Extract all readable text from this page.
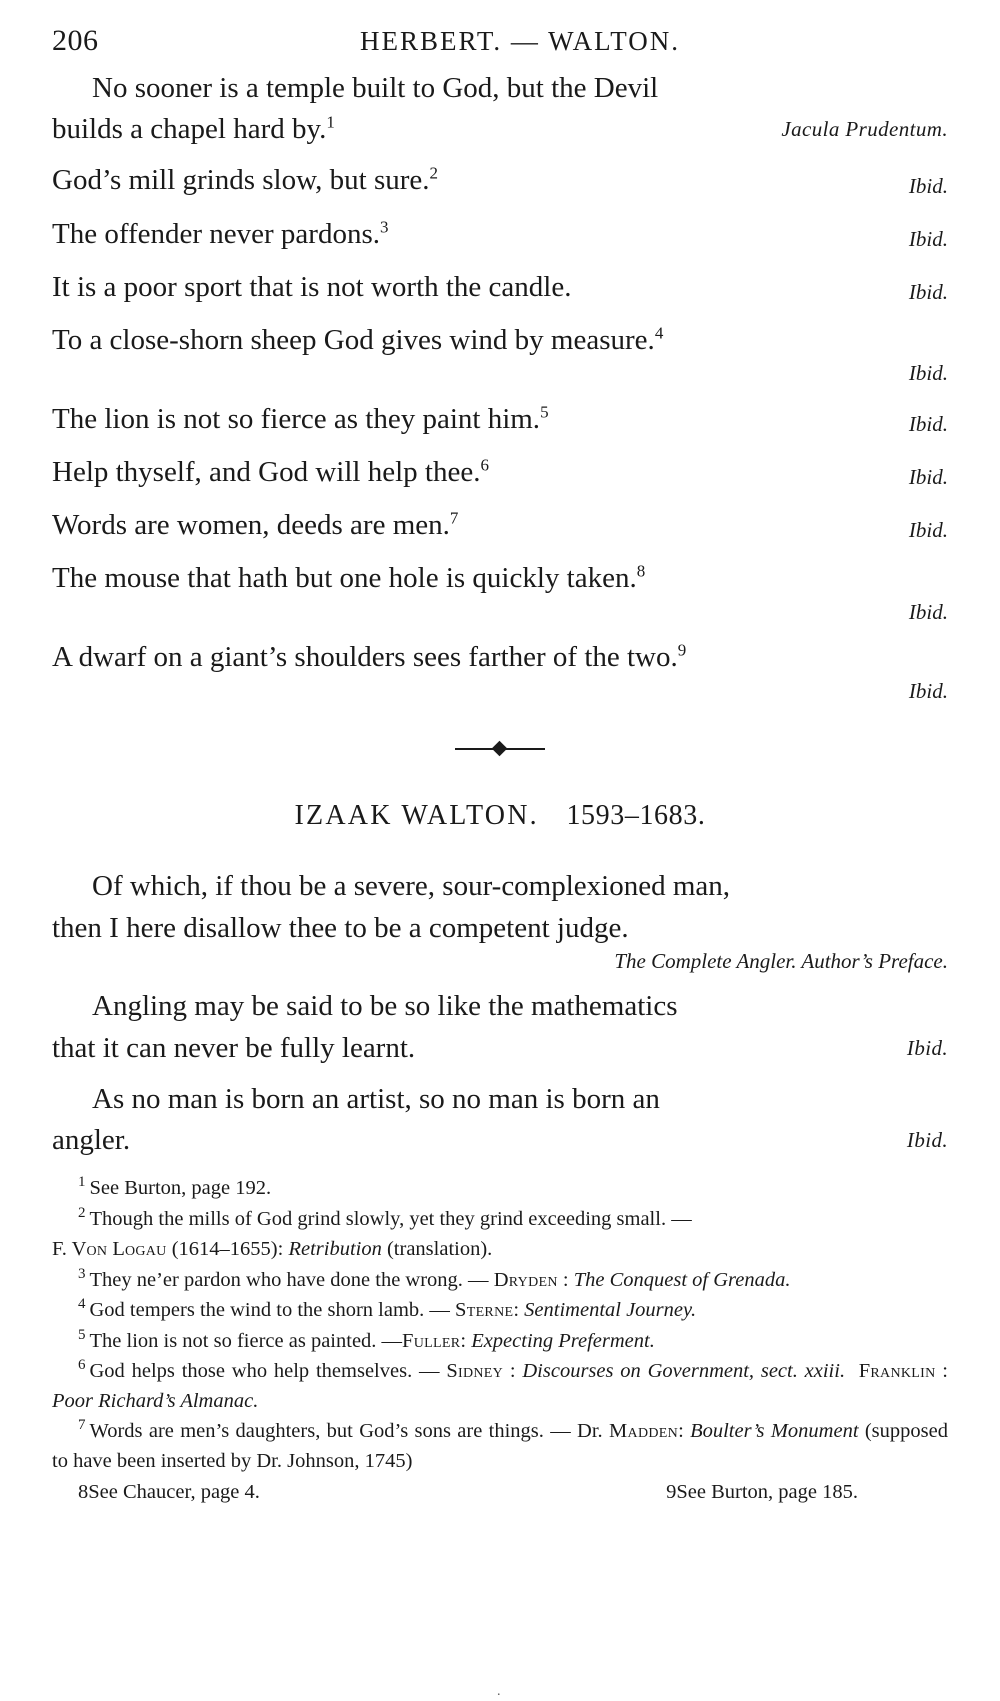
206	HERBERT. — WALTON.

No sooner is a temple built to God, but the Devil

builds a chapel hard by.$^1$	Jacula Prudentum.

God’s mill grinds slow, but sure.$^2$
Ibid.
The offender never pardons.$^3$
Ibid.
It is a poor sport that is not worth the candle.	Ibid.

To a close-shorn sheep God gives wind by measure.$^4$

Ibid.
The lion is not so fierce as they paint him.$^5$
Ibid.
Help thyself, and God will help thee.$^6$
Ibid.
Words are women, deeds are men.$^7$
Ibid.

The mouse that hath but one hole is quickly taken.$^8$

Ibid.

A dwarf on a giant’s shoulders sees farther of the two.$^9$

Ibid.
IZAAK WALTON. 1593–1683.

Of which, if thou be a severe, sour-complexioned man,

then I here disallow thee to be a competent judge.

The Complete Angler. Author’s Preface.

Angling may be said to be so like the mathematics

that it can never be fully learnt.	Ibid.

As no man is born an artist, so no man is born an

angler.	Ibid.

$^1$ See Burton, page 192.
$^2$ Though the mills of God grind slowly, yet they grind exceeding small. —
F. Von Logau (1614–1655): Retribution (translation).
$^3$ They ne’er pardon who have done the wrong. — Dryden : The Conquest of Grenada.
$^4$ God tempers the wind to the shorn lamb. — Sterne: Sentimental Journey.
$^5$ The lion is not so fierce as painted. —Fuller: Expecting Preferment.
$^6$ God helps those who help themselves. — Sidney : Discourses on Government, sect. xxiii. Franklin : Poor Richard’s Almanac.
$^7$ Words are men’s daughters, but God’s sons are things. — Dr. Madden: Boulter’s Monument (supposed to have been inserted by Dr. Johnson, 1745)
8See Chaucer, page 4.	9See Burton, page 185.
.
